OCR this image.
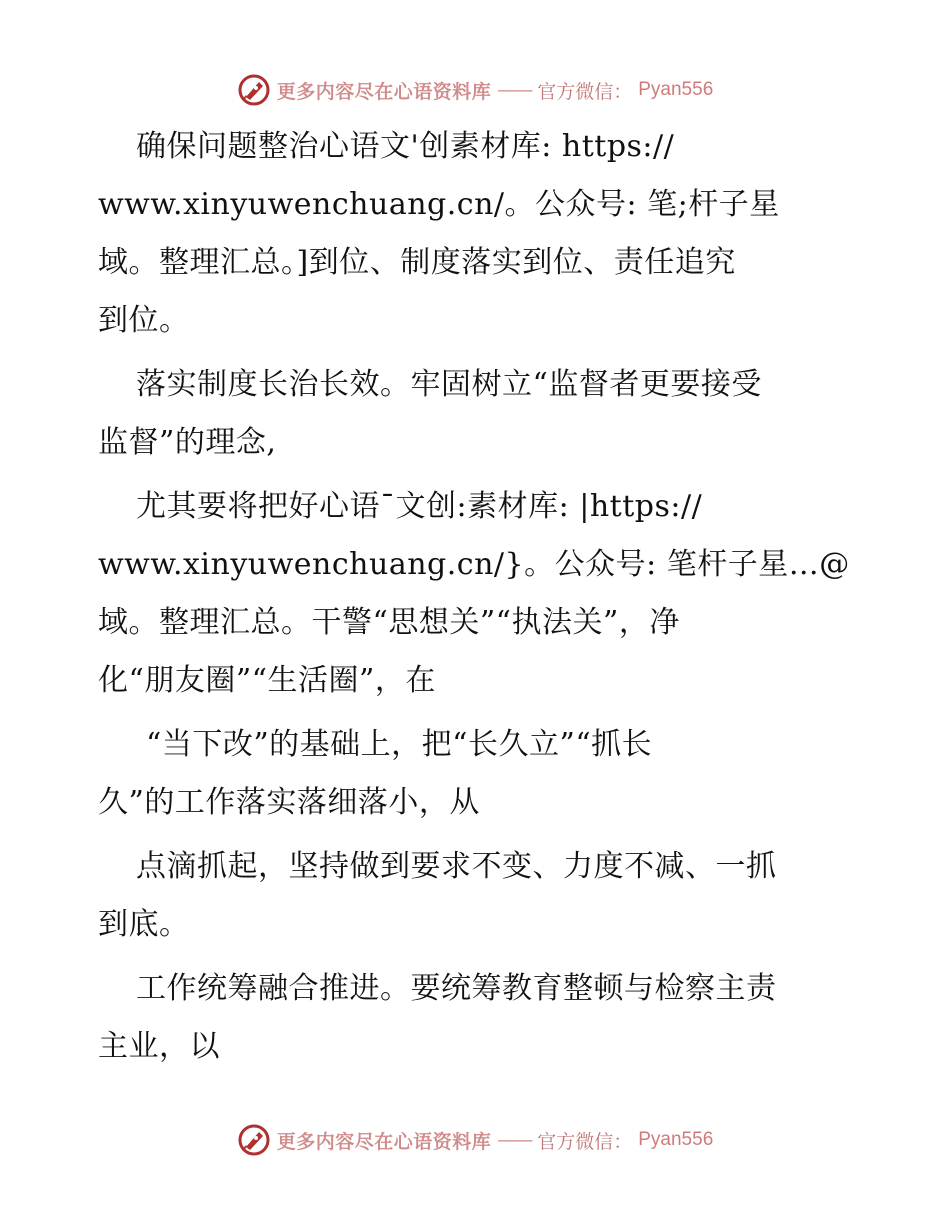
更多内容尽在心语资料库 —— 官方微信： Pyan556
确保问题整治心语文'创素材库: https://
www.xinyuwenchuang.cn/。公众号: 笔;杆子星
域。整理汇总。]到位、制度落实到位、责任追究
到位。
落实制度长治长效。牢固树立“监督者更要接受
监督”的理念,
尤其要将把好心语¯文创:素材库: |https://
www.xinyuwenchuang.cn/}。公众号: 笔杆子星…@
域。整理汇总。干警“思想关”“执法关”，净
化“朋友圈”“生活圈”，在
“当下改”的基础上，把“长久立”“抓长
久”的工作落实落细落小，从
点滴抓起，坚持做到要求不变、力度不减、一抓
到底。
工作统筹融合推进。要统筹教育整顿与检察主责
主业，以
更多内容尽在心语资料库 —— 官方微信： Pyan556
